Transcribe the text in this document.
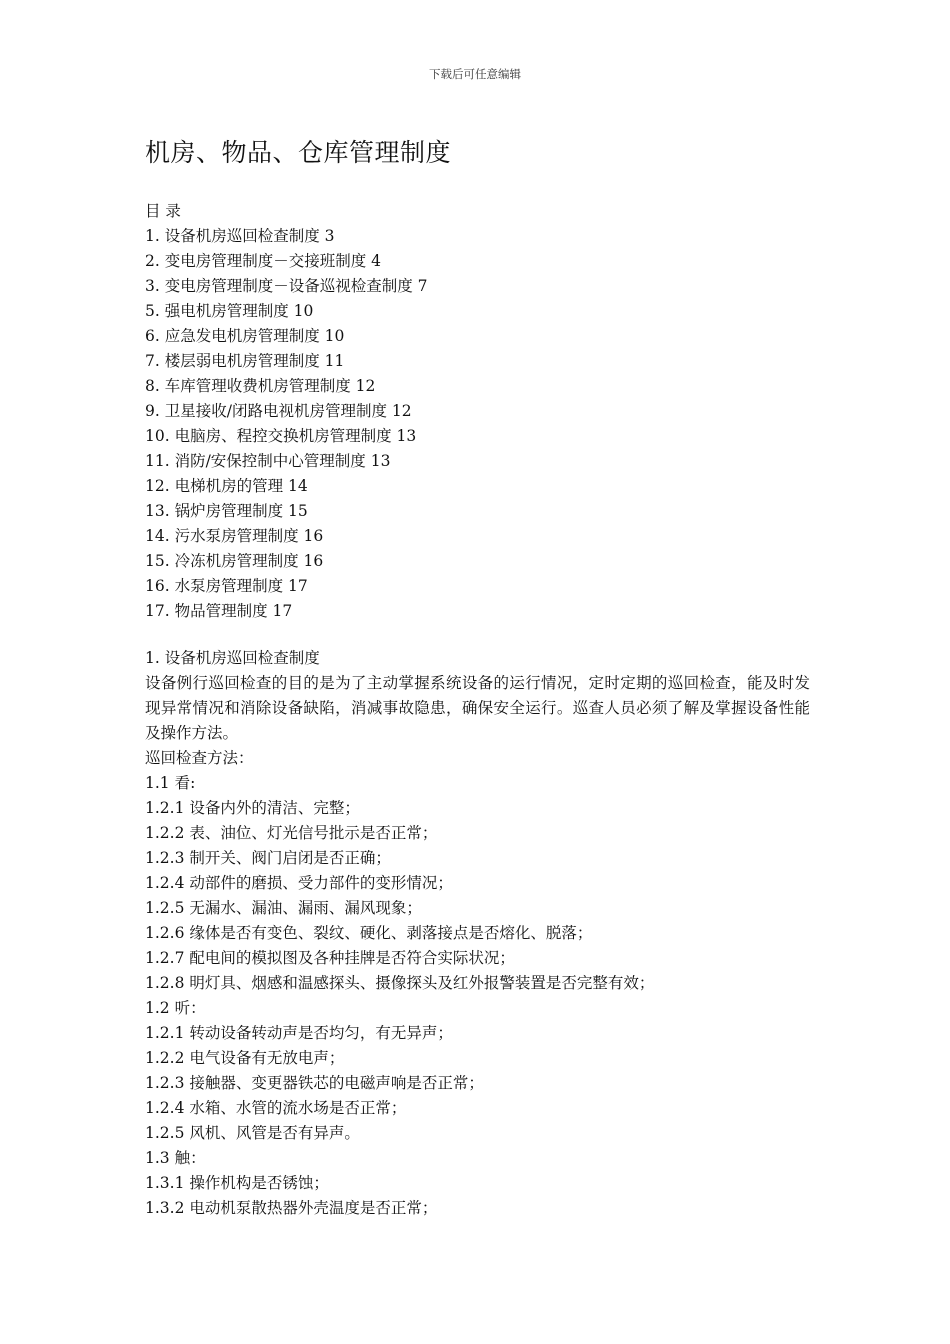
下载后可任意编辑
机房、物品、仓库管理制度
目 录
1. 设备机房巡回检查制度 3
2. 变电房管理制度－交接班制度 4
3. 变电房管理制度－设备巡视检查制度 7
5. 强电机房管理制度 10
6. 应急发电机房管理制度 10
7. 楼层弱电机房管理制度 11
8. 车库管理收费机房管理制度 12
9. 卫星接收/闭路电视机房管理制度 12
10. 电脑房、程控交换机房管理制度 13
11. 消防/安保控制中心管理制度 13
12. 电梯机房的管理 14
13. 锅炉房管理制度 15
14. 污水泵房管理制度 16
15. 冷冻机房管理制度 16
16. 水泵房管理制度 17
17. 物品管理制度 17
1. 设备机房巡回检查制度
设备例行巡回检查的目的是为了主动掌握系统设备的运行情况，定时定期的巡回检查，能及时发现异常情况和消除设备缺陷，消减事故隐患，确保安全运行。巡查人员必须了解及掌握设备性能及操作方法。
巡回检查方法：
1.1 看:
1.2.1 设备内外的清洁、完整；
1.2.2 表、油位、灯光信号批示是否正常；
1.2.3 制开关、阀门启闭是否正确；
1.2.4 动部件的磨损、受力部件的变形情况；
1.2.5 无漏水、漏油、漏雨、漏风现象；
1.2.6 缘体是否有变色、裂纹、硬化、剥落接点是否熔化、脱落；
1.2.7 配电间的模拟图及各种挂牌是否符合实际状况；
1.2.8 明灯具、烟感和温感探头、摄像探头及红外报警装置是否完整有效；
1.2 听：
1.2.1 转动设备转动声是否均匀，有无异声；
1.2.2 电气设备有无放电声；
1.2.3 接触器、变更器铁芯的电磁声响是否正常；
1.2.4 水箱、水管的流水场是否正常；
1.2.5 风机、风管是否有异声。
1.3 触：
1.3.1 操作机构是否锈蚀；
1.3.2 电动机泵散热器外壳温度是否正常；
